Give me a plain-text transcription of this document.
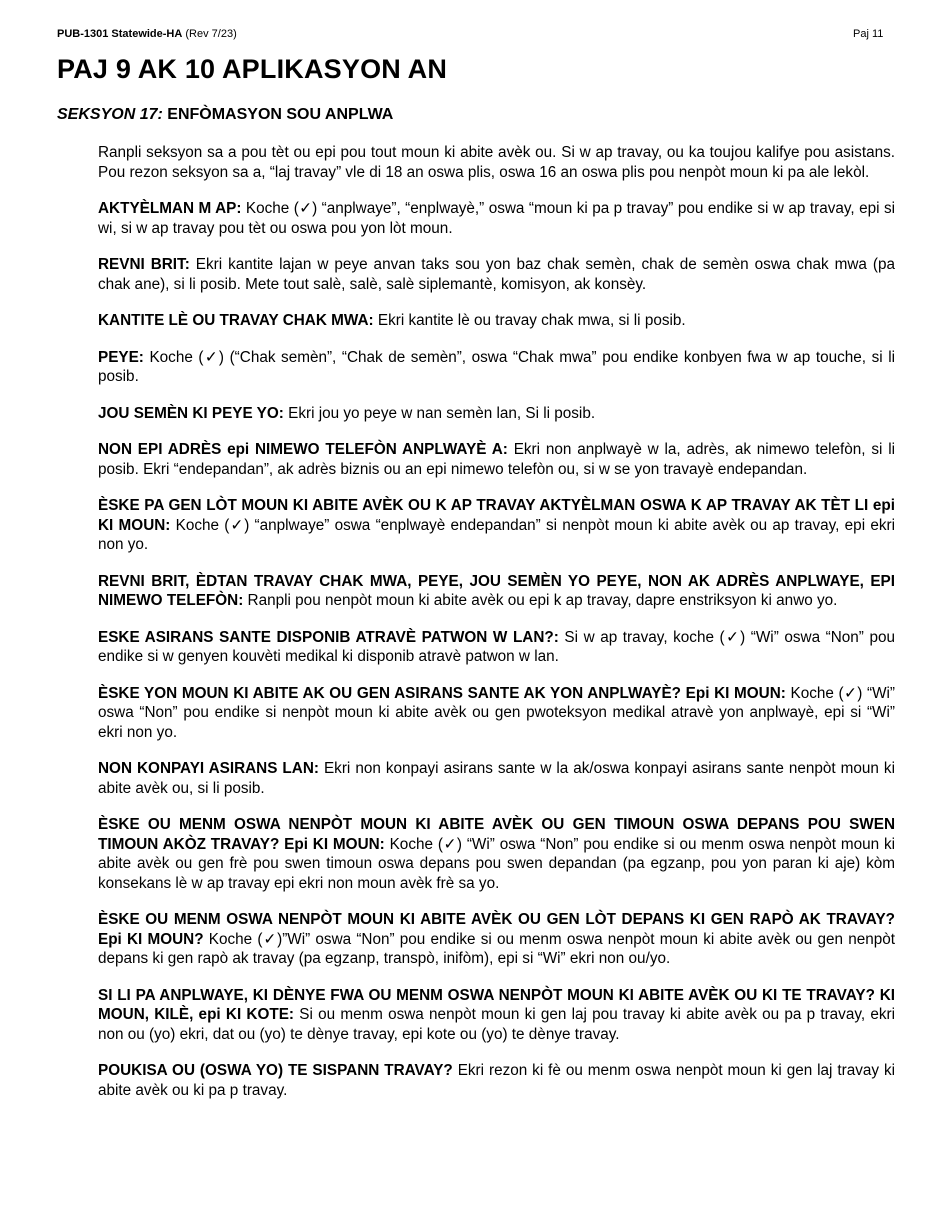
PUB-1301 Statewide-HA (Rev 7/23)	Paj 11
PAJ 9 AK 10 APLIKASYON AN
SEKSYON 17: ENFÒMASYON SOU ANPLWA

Ranpli seksyon sa a pou tèt ou epi pou tout moun ki abite avèk ou. Si w ap travay, ou ka toujou kalifye pou asistans. Pou rezon seksyon sa a, “laj travay” vle di 18 an oswa plis, oswa 16 an oswa plis pou nenpòt moun ki pa ale lekòl.

AKTYÈLMAN M AP: Koche (✓) “anplwaye”, “enplwayè,” oswa “moun ki pa p travay” pou endike si w ap travay, epi si wi, si w ap travay pou tèt ou oswa pou yon lòt moun.

REVNI BRIT: Ekri kantite lajan w peye anvan taks sou yon baz chak semèn, chak de semèn oswa chak mwa (pa chak ane), si li posib. Mete tout salè, salè, salè siplemantè, komisyon, ak konsèy.

KANTITE LÈ OU TRAVAY CHAK MWA: Ekri kantite lè ou travay chak mwa, si li posib.

PEYE: Koche (✓) (“Chak semèn”, “Chak de semèn”, oswa “Chak mwa” pou endike konbyen fwa w ap touche, si li posib.

JOU SEMÈN KI PEYE YO: Ekri jou yo peye w nan semèn lan, Si li posib.

NON EPI ADRÈS epi NIMEWO TELEFÒN ANPLWAYÈ A: Ekri non anplwayè w la, adrès, ak nimewo telefòn, si li posib. Ekri “endepandan”, ak adrès biznis ou an epi nimewo telefòn ou, si w se yon travayè endepandan.

ÈSKE PA GEN LÒT MOUN KI ABITE AVÈK OU K AP TRAVAY AKTYÈLMAN OSWA K AP TRAVAY AK TÈT LI epi KI MOUN: Koche (✓) “anplwaye” oswa “enplwayè endepandan” si nenpòt moun ki abite avèk ou ap travay, epi ekri non yo.

REVNI BRIT, ÈDTAN TRAVAY CHAK MWA, PEYE, JOU SEMÈN YO PEYE, NON AK ADRÈS ANPLWAYE, EPI NIMEWO TELEFÒN: Ranpli pou nenpòt moun ki abite avèk ou epi k ap travay, dapre enstriksyon ki anwo yo.

ESKE ASIRANS SANTE DISPONIB ATRAVÈ PATWON W LAN?: Si w ap travay, koche (✓) “Wi” oswa “Non” pou endike si w genyen kouvèti medikal ki disponib atravè patwon w lan.

ÈSKE YON MOUN KI ABITE AK OU GEN ASIRANS SANTE AK YON ANPLWAYÈ? Epi KI MOUN: Koche (✓) “Wi” oswa “Non” pou endike si nenpòt moun ki abite avèk ou gen pwoteksyon medikal atravè yon anplwayè, epi si “Wi” ekri non yo.

NON KONPAYI ASIRANS LAN: Ekri non konpayi asirans sante w la ak/oswa konpayi asirans sante nenpòt moun ki abite avèk ou, si li posib.

ÈSKE OU MENM OSWA NENPÒT MOUN KI ABITE AVÈK OU GEN TIMOUN OSWA DEPANS POU SWEN TIMOUN AKÒZ TRAVAY? Epi KI MOUN: Koche (✓) “Wi” oswa “Non” pou endike si ou menm oswa nenpòt moun ki abite avèk ou gen frè pou swen timoun oswa depans pou swen depandan (pa egzanp, pou yon paran ki aje) kòm konsekans lè w ap travay epi ekri non moun avèk frè sa yo.

ÈSKE OU MENM OSWA NENPÒT MOUN KI ABITE AVÈK OU GEN LÒT DEPANS KI GEN RAPÒ AK TRAVAY? Epi KI MOUN? Koche (✓)”Wi” oswa “Non” pou endike si ou menm oswa nenpòt moun ki abite avèk ou gen nenpòt depans ki gen rapò ak travay (pa egzanp, transpò, inifòm), epi si “Wi” ekri non ou/yo.

SI LI PA ANPLWAYE, KI DÈNYE FWA OU MENM OSWA NENPÒT MOUN KI ABITE AVÈK OU KI TE TRAVAY? KI MOUN, KILÈ, epi KI KOTE: Si ou menm oswa nenpòt moun ki gen laj pou travay ki abite avèk ou pa p travay, ekri non ou (yo) ekri, dat ou (yo) te dènye travay, epi kote ou (yo) te dènye travay.

POUKISA OU (OSWA YO) TE SISPANN TRAVAY? Ekri rezon ki fè ou menm oswa nenpòt moun ki gen laj travay ki abite avèk ou ki pa p travay.
